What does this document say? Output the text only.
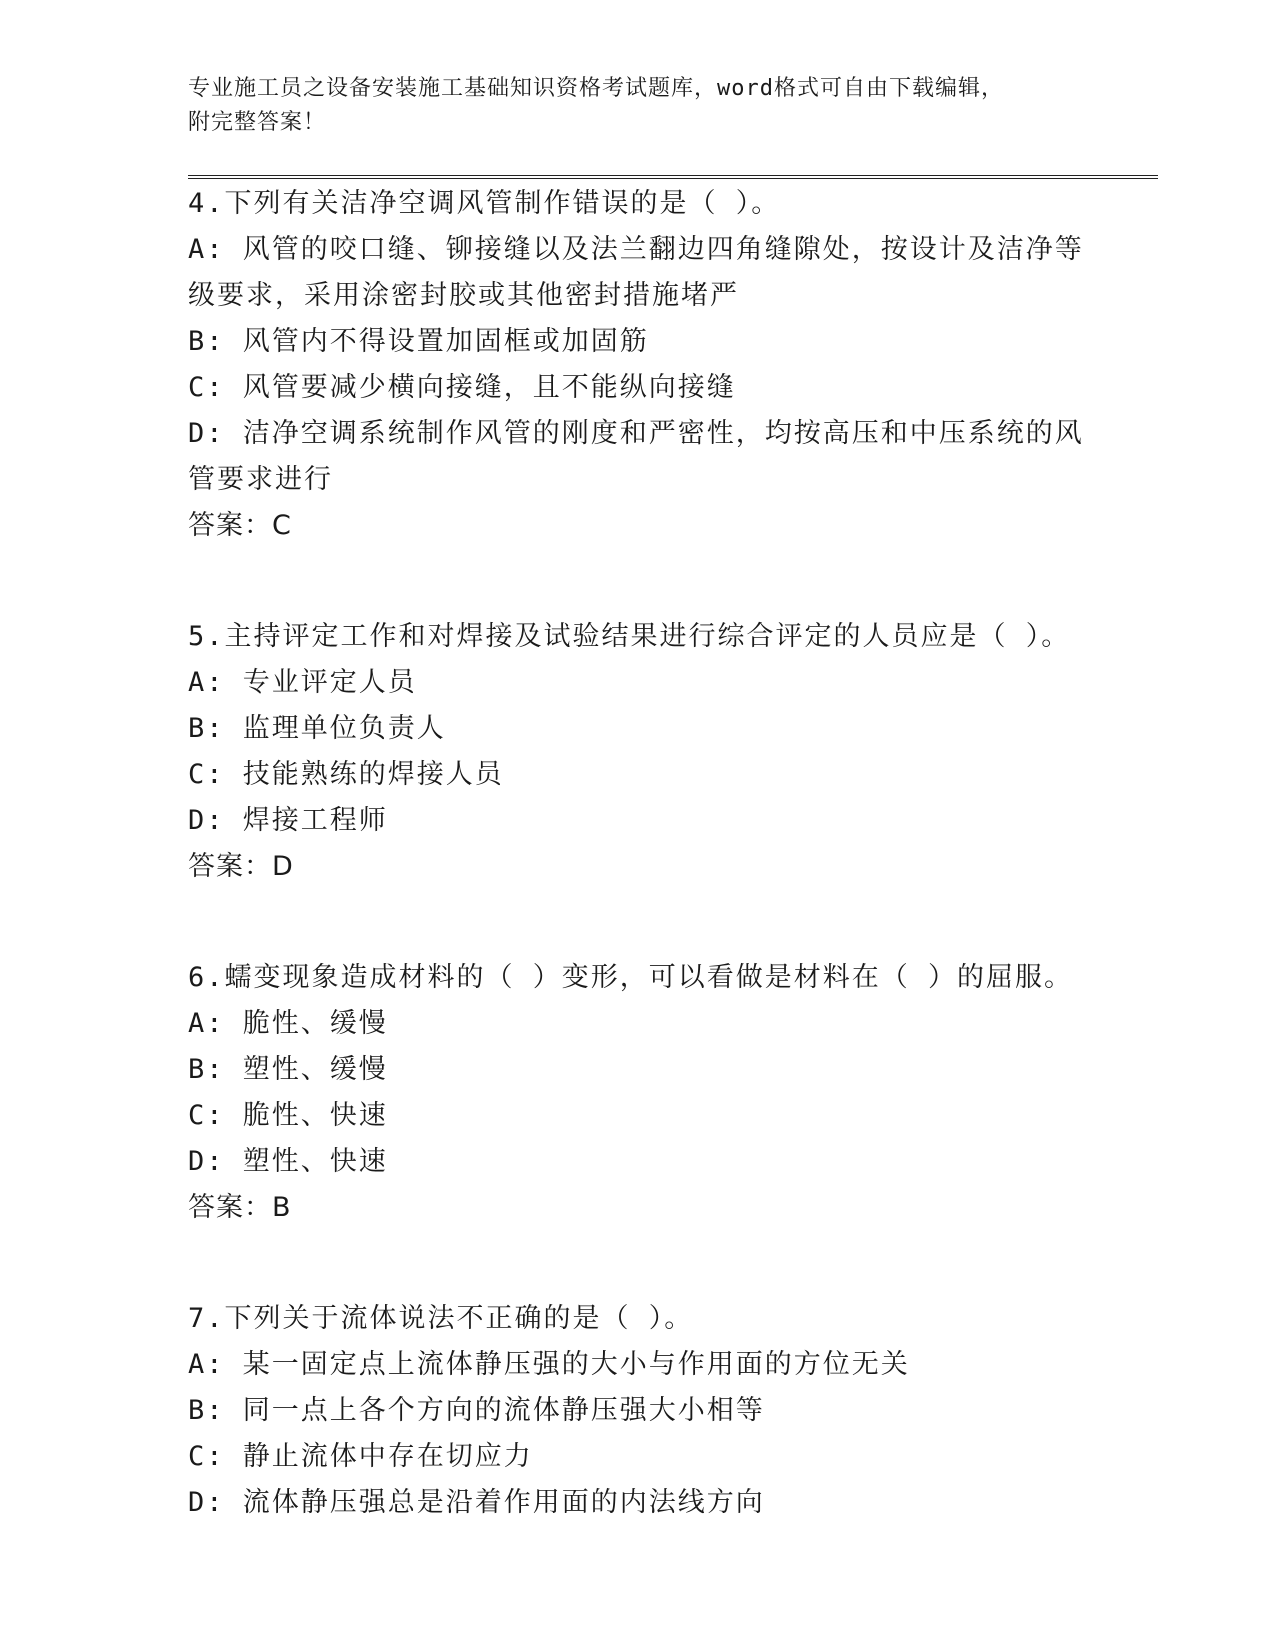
专业施工员之设备安装施工基础知识资格考试题库，word格式可自由下载编辑，

附完整答案！

4.下列有关洁净空调风管制作错误的是（ ）。

A: 风管的咬口缝、铆接缝以及法兰翻边四角缝隙处，按设计及洁净等

级要求，采用涂密封胶或其他密封措施堵严

B: 风管内不得设置加固框或加固筋

C: 风管要减少横向接缝，且不能纵向接缝

D: 洁净空调系统制作风管的刚度和严密性，均按高压和中压系统的风

管要求进行

答案：C

5.主持评定工作和对焊接及试验结果进行综合评定的人员应是（ ）。

A: 专业评定人员

B: 监理单位负责人

C: 技能熟练的焊接人员

D: 焊接工程师

答案：D

6.蠕变现象造成材料的（ ）变形，可以看做是材料在（ ）的屈服。

A: 脆性、缓慢

B: 塑性、缓慢

C: 脆性、快速

D: 塑性、快速

答案：B

7.下列关于流体说法不正确的是（ ）。

A: 某一固定点上流体静压强的大小与作用面的方位无关

B: 同一点上各个方向的流体静压强大小相等

C: 静止流体中存在切应力

D: 流体静压强总是沿着作用面的内法线方向
